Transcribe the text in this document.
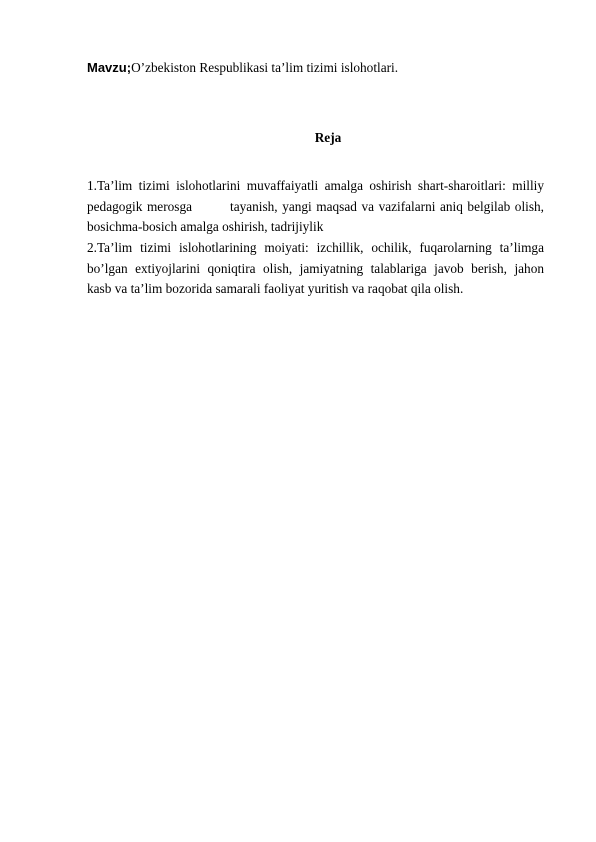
Mavzu;O’zbekiston Respublikasi ta’lim tizimi islohotlari.
Reja
1.Ta’lim tizimi islohotlarini muvaffaiyatli amalga oshirish shart-sharoitlari: milliy
pedagogik merosga	tayanish, yangi maqsad va vazifalarni aniq belgilab olish,
bosichma-bosich amalga oshirish, tadrijiylik
2.Ta’lim tizimi islohotlarining moiyati: izchillik, ochilik, fuqarolarning ta’limga
bo’lgan extiyojlarini qoniqtira olish, jamiyatning talablariga javob berish, jahon
kasb va ta’lim bozorida samarali faoliyat yuritish va raqobat qila olish.
